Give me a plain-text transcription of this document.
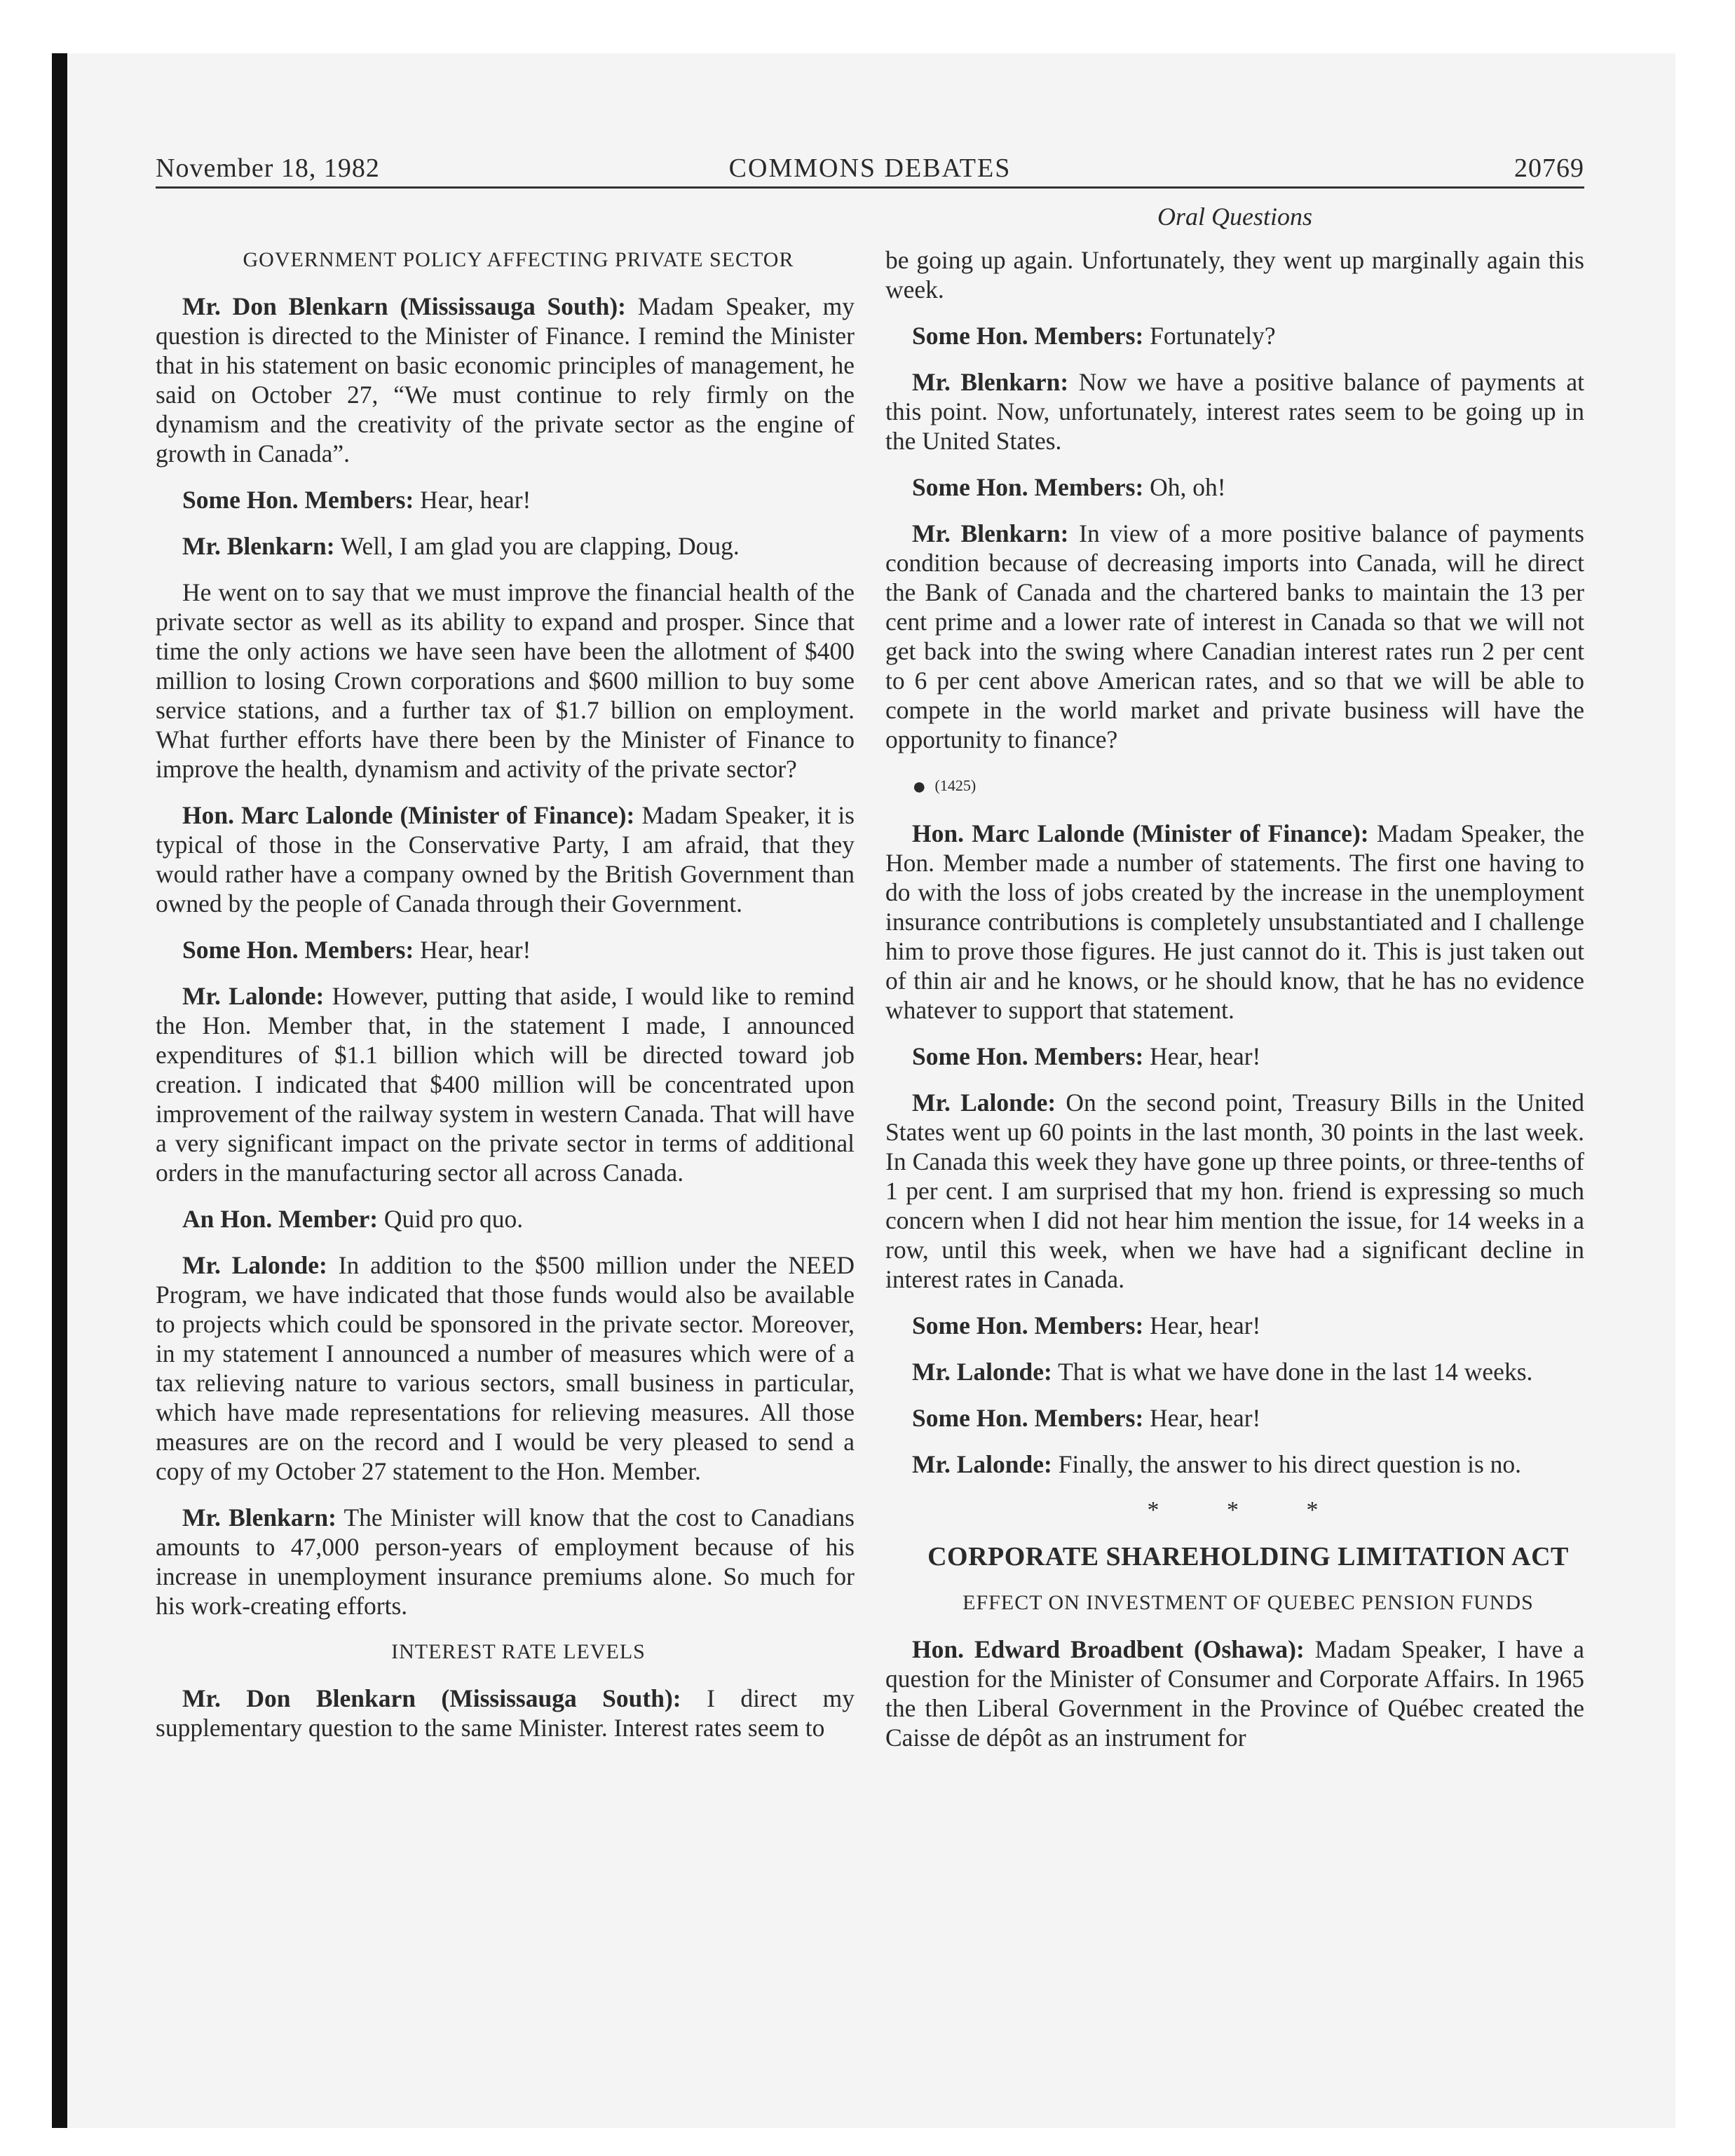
November 18, 1982	COMMONS DEBATES	20769
Oral Questions

GOVERNMENT POLICY AFFECTING PRIVATE SECTOR

Mr. Don Blenkarn (Mississauga South): Madam Speaker, my question is directed to the Minister of Finance. I remind the Minister that in his statement on basic economic principles of management, he said on October 27, “We must continue to rely firmly on the dynamism and the creativity of the private sector as the engine of growth in Canada”.

Some Hon. Members: Hear, hear!

Mr. Blenkarn: Well, I am glad you are clapping, Doug.

He went on to say that we must improve the financial health of the private sector as well as its ability to expand and prosper. Since that time the only actions we have seen have been the allotment of $400 million to losing Crown corporations and $600 million to buy some service stations, and a further tax of $1.7 billion on employment. What further efforts have there been by the Minister of Finance to improve the health, dynamism and activity of the private sector?

Hon. Marc Lalonde (Minister of Finance): Madam Speaker, it is typical of those in the Conservative Party, I am afraid, that they would rather have a company owned by the British Government than owned by the people of Canada through their Government.

Some Hon. Members: Hear, hear!

Mr. Lalonde: However, putting that aside, I would like to remind the Hon. Member that, in the statement I made, I announced expenditures of $1.1 billion which will be directed toward job creation. I indicated that $400 million will be concentrated upon improvement of the railway system in western Canada. That will have a very significant impact on the private sector in terms of additional orders in the manufacturing sector all across Canada.

An Hon. Member: Quid pro quo.

Mr. Lalonde: In addition to the $500 million under the NEED Program, we have indicated that those funds would also be available to projects which could be sponsored in the private sector. Moreover, in my statement I announced a number of measures which were of a tax relieving nature to various sectors, small business in particular, which have made representations for relieving measures. All those measures are on the record and I would be very pleased to send a copy of my October 27 statement to the Hon. Member.

Mr. Blenkarn: The Minister will know that the cost to Canadians amounts to 47,000 person-years of employment because of his increase in unemployment insurance premiums alone. So much for his work-creating efforts.

INTEREST RATE LEVELS

Mr. Don Blenkarn (Mississauga South): I direct my supplementary question to the same Minister. Interest rates seem to

be going up again. Unfortunately, they went up marginally again this week.

Some Hon. Members: Fortunately?

Mr. Blenkarn: Now we have a positive balance of payments at this point. Now, unfortunately, interest rates seem to be going up in the United States.

Some Hon. Members: Oh, oh!

Mr. Blenkarn: In view of a more positive balance of payments condition because of decreasing imports into Canada, will he direct the Bank of Canada and the chartered banks to maintain the 13 per cent prime and a lower rate of interest in Canada so that we will not get back into the swing where Canadian interest rates run 2 per cent to 6 per cent above American rates, and so that we will be able to compete in the world market and private business will have the opportunity to finance?

● (1425)

Hon. Marc Lalonde (Minister of Finance): Madam Speaker, the Hon. Member made a number of statements. The first one having to do with the loss of jobs created by the increase in the unemployment insurance contributions is completely unsubstantiated and I challenge him to prove those figures. He just cannot do it. This is just taken out of thin air and he knows, or he should know, that he has no evidence whatever to support that statement.

Some Hon. Members: Hear, hear!

Mr. Lalonde: On the second point, Treasury Bills in the United States went up 60 points in the last month, 30 points in the last week. In Canada this week they have gone up three points, or three-tenths of 1 per cent. I am surprised that my hon. friend is expressing so much concern when I did not hear him mention the issue, for 14 weeks in a row, until this week, when we have had a significant decline in interest rates in Canada.

Some Hon. Members: Hear, hear!

Mr. Lalonde: That is what we have done in the last 14 weeks.

Some Hon. Members: Hear, hear!

Mr. Lalonde: Finally, the answer to his direct question is no.

* * *

CORPORATE SHAREHOLDING LIMITATION ACT

EFFECT ON INVESTMENT OF QUEBEC PENSION FUNDS

Hon. Edward Broadbent (Oshawa): Madam Speaker, I have a question for the Minister of Consumer and Corporate Affairs. In 1965 the then Liberal Government in the Province of Québec created the Caisse de dépôt as an instrument for
